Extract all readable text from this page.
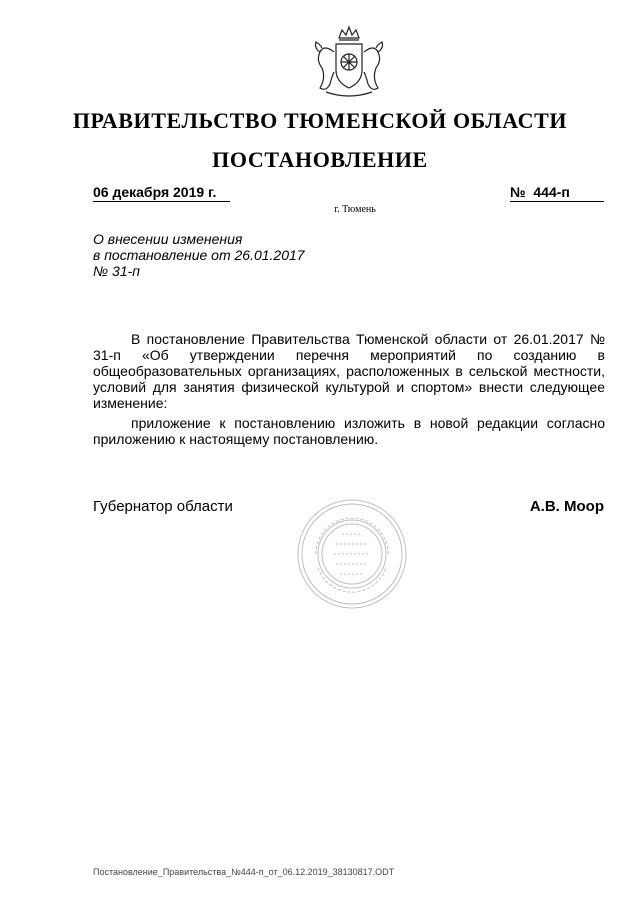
ПРАВИТЕЛЬСТВО ТЮМЕНСКОЙ ОБЛАСТИ
ПОСТАНОВЛЕНИЕ
06 декабря 2019 г.	№ 444-п
г. Тюмень
О внесении изменения
в постановление от 26.01.2017
№ 31-п
В постановление Правительства Тюменской области от 26.01.2017 № 31-п «Об утверждении перечня мероприятий по созданию в общеобразовательных организациях, расположенных в сельской местности, условий для занятия физической культурой и спортом» внести следующее изменение:
приложение к постановлению изложить в новой редакции согласно приложению к настоящему постановлению.
Губернатор области	А.В. Моор
Постановление_Правительства_№444-п_от_06.12.2019_38130817.ODT
